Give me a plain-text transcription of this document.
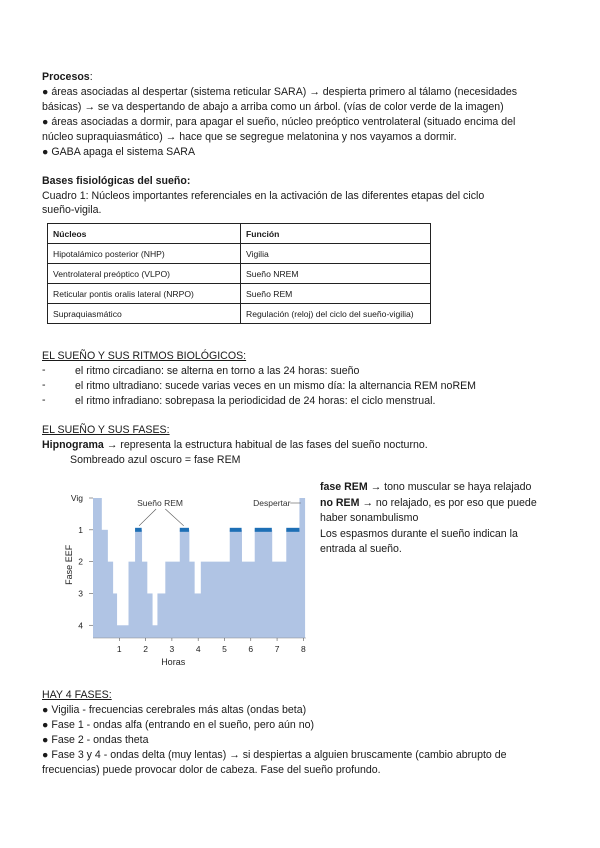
Procesos:
● áreas asociadas al despertar (sistema reticular SARA) → despierta primero al tálamo (necesidades
básicas) → se va despertando de abajo a arriba como un árbol. (vías de color verde de la imagen)
● áreas asociadas a dormir, para apagar el sueño, núcleo preóptico ventrolateral (situado encima del
núcleo supraquiasmático) → hace que se segregue melatonina y nos vayamos a dormir.
● GABA apaga el sistema SARA
Bases fisiológicas del sueño:
Cuadro 1: Núcleos importantes referenciales en la activación de las diferentes etapas del ciclo
sueño-vigila.
Núcleos	Función
Hipotalámico posterior (NHP)	Vigilia
Ventrolateral preóptico (VLPO)	Sueño NREM
Reticular pontis oralis lateral (NRPO)	Sueño REM
Supraquiasmático	Regulación (reloj) del ciclo del sueño-vigilia)
EL SUEÑO Y SUS RITMOS BIOLÓGICOS:
-	el ritmo circadiano: se alterna en torno a las 24 horas: sueño
-	el ritmo ultradiano: sucede varias veces en un mismo día: la alternancia REM noREM
-	el ritmo infradiano: sobrepasa la periodicidad de 24 horas: el ciclo menstrual.
EL SUEÑO Y SUS FASES:
Hipnograma → representa la estructura habitual de las fases del sueño nocturno.
Sombreado azul oscuro = fase REM
fase REM → tono muscular se haya relajado
no REM → no relajado, es por eso que puede
haber sonambulismo
Los espasmos durante el sueño indican la
entrada al sueño.
1	2	3	4	5	6	7	8
Vig
1
2
3
4
Horas
Fase EEF
Sueño REM	Despertar
HAY 4 FASES:
● Vigilia - frecuencias cerebrales más altas (ondas beta)
● Fase 1 - ondas alfa (entrando en el sueño, pero aún no)
● Fase 2 - ondas theta
● Fase 3 y 4 - ondas delta (muy lentas) → si despiertas a alguien bruscamente (cambio abrupto de
frecuencias) puede provocar dolor de cabeza. Fase del sueño profundo.
